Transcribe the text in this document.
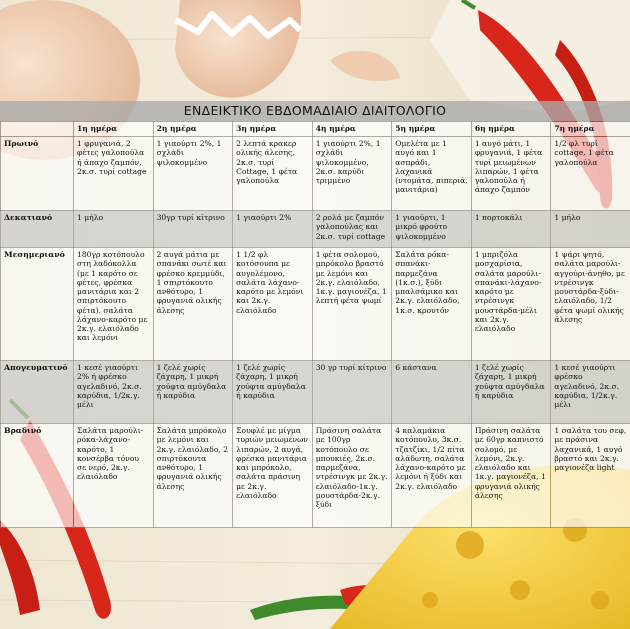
ΕΝΔΕΙΚΤΙΚΟ ΕΒΔΟΜΑΔΙΑΙΟ ΔΙΑΙΤΟΛΟΓΙΟ
	1η ημέρα	2η ημέρα	3η ημέρα	4η ημέρα	5η ημέρα	6η ημέρα	7η ημέρα
Πρωινό	1 φρυγανιά, 2 φέτες γαλοπούλα ή άπαχο ζαμπόν, 2κ.σ. τυρί cottage	1 γιαούρτι 2%, 1 σχλάδι ψιλοκομμένο	2 λεπτά κρακερ ολικής άλεσης, 2κ.σ. τυρί Cottage, 1 φέτα γαλοπούλα	1 γιαούρτι 2%, 1 σχλάδι ψιλοκομμένο, 2κ.σ. καρύδι τριμμένο	Ομελέτα με 1 αυγό και 1 ασπράδι, λαχανικά (ντομάτα, πιπεριά, μανιτάρια)	1 αυγό μάτι, 1 φρυγανιά, 1 φέτα τυρί μειωμένων λιπαρών, 1 φέτα γαλοπούλα ή άπαχο ζαμπόν	1/2 φλ τυρί cottage, 1 φέτα γαλοπούλα
Δεκατιανό	1 μήλο	30γρ τυρί κίτρινο	1 γιαούρτι 2%	2 ρολά με ζαμπόν γαλοπούλας και 2κ.σ. τυρί cottage	1 γιαούρτι, 1 μικρό φρούτο ψιλοκομμένο	1 πορτοκάλι	1 μήλο
Μεσημεριανό	180γρ κοτόπουλο στη λαδόκολλα (με 1 καρότο σε φέτες, φρέσκα μανιτάρια και 2 σπιρτόκουτο φέτα), σαλάτα λάχανο-καρότο με 2κ.γ. ελαιόλαδο και λεμόνι	2 αυγά μάτια με σπανάκι σωτέ και φρέσκο κρεμμύδι, 1 σπιρτόκουτο ανθότυρο, 1 φρυγανιά ολικής άλεσης	1 1/2 φλ κοτόσουπα με αυγολέμονο, σαλάτα λάχανο-καρότο με λεμόνι και 2κ.γ. ελαιόλαδο	1 φέτα σολομού, μπρόκολο βραστό με λεμόνι και 2κ.γ. ελαιόλαδο, 1κ.γ. μαγιονέζα, 1 λεπτή φέτα ψωμί	Σαλάτα ρόκα-σπανάκι-παρμεζάνα (1κ.σ.), ξύδι μπαλσάμικο και 2κ.γ. ελαιόλαδο, 1κ.σ. κρουτόν	1 μπριζόλα μοσχαρίσια, σαλάτα μαρούλι-σπανάκι-λάχανο-καρότο με ντρέσινγκ μουστάρδα-μέλι και 2κ.γ. ελαιόλαδο	1 ψάρι ψητό, σαλάτα μαρούλι-αγγούρι-άνηθο, με ντρέσινγκ μουστάρδα-ξύδι-ελαιόλαδο, 1/2 φέτα ψωμί ολικής άλεσης
Απογευματινό	1 κεσέ γιαούρτι 2% ή φρέσκο αγελαδινό, 2κ.σ. καρύδια, 1/2κ.γ. μέλι	1 ζελέ χωρίς ζάχαρη, 1 μικρή χούφτα αμύγδαλα ή καρύδια	1 ζελέ χωρίς ζάχαρη, 1 μικρή χούφτα αμύγδαλα ή καρύδια	30 γρ τυρί κίτρινο	6 κάστανα	1 ζελέ χωρίς ζάχαρη, 1 μικρή χούφτα αμύγδαλα ή καρύδια	1 κεσέ γιαούρτι φρέσκο αγελαδινό, 2κ.σ. καρύδια, 1/2κ.γ. μέλι
Βραδινό	Σαλάτα μαρούλι-ρόκα-λάχανο-καρότο, 1 κονσέρβα τόνου σε νερό, 2κ.γ. ελαιόλαδο	Σαλάτα μπρόκολο με λεμόνι και 2κ.γ. ελαιόλαδο, 2 σπιρτόκουτα ανθότυρο, 1 φρυγανιά ολικής άλεσης	Σουφλέ με μίγμα τυριών μειωμένων λιπαρών, 2 αυγά, φρέσκα μανιτάρια και μπρόκολο, σαλάτα πράσινη με 2κ.γ. ελαιόλαδο	Πράσινη σαλάτα με 100γρ κοτόπουλο σε μπουκιές, 2κ.σ. παρμεζάνα, ντρέσινγκ με 2κ.γ. ελαιόλαδο-1κ.γ. μουστάρδα-2κ.γ. ξύδι	4 καλαμάκια κοτόπουλο, 3κ.σ. τζατζίκι, 1/2 πίτα αλάδωτη, σαλάτα λάχανο-καρότο με λεμόνι ή ξύδι και 2κ.γ. ελαιόλαδο	Πράσινη σαλάτα με 60γρ καπνιστό σολομό, με λεμόνι, 2κ.γ. ελαιόλαδο και 1κ.γ. μαγιονέζα, 1 φρυγανιά ολικής άλεσης	1 σαλάτα του σεφ, με πράσινα λαχανικά, 1 αυγό βραστό και 2κ.γ. μαγιονέζα light
